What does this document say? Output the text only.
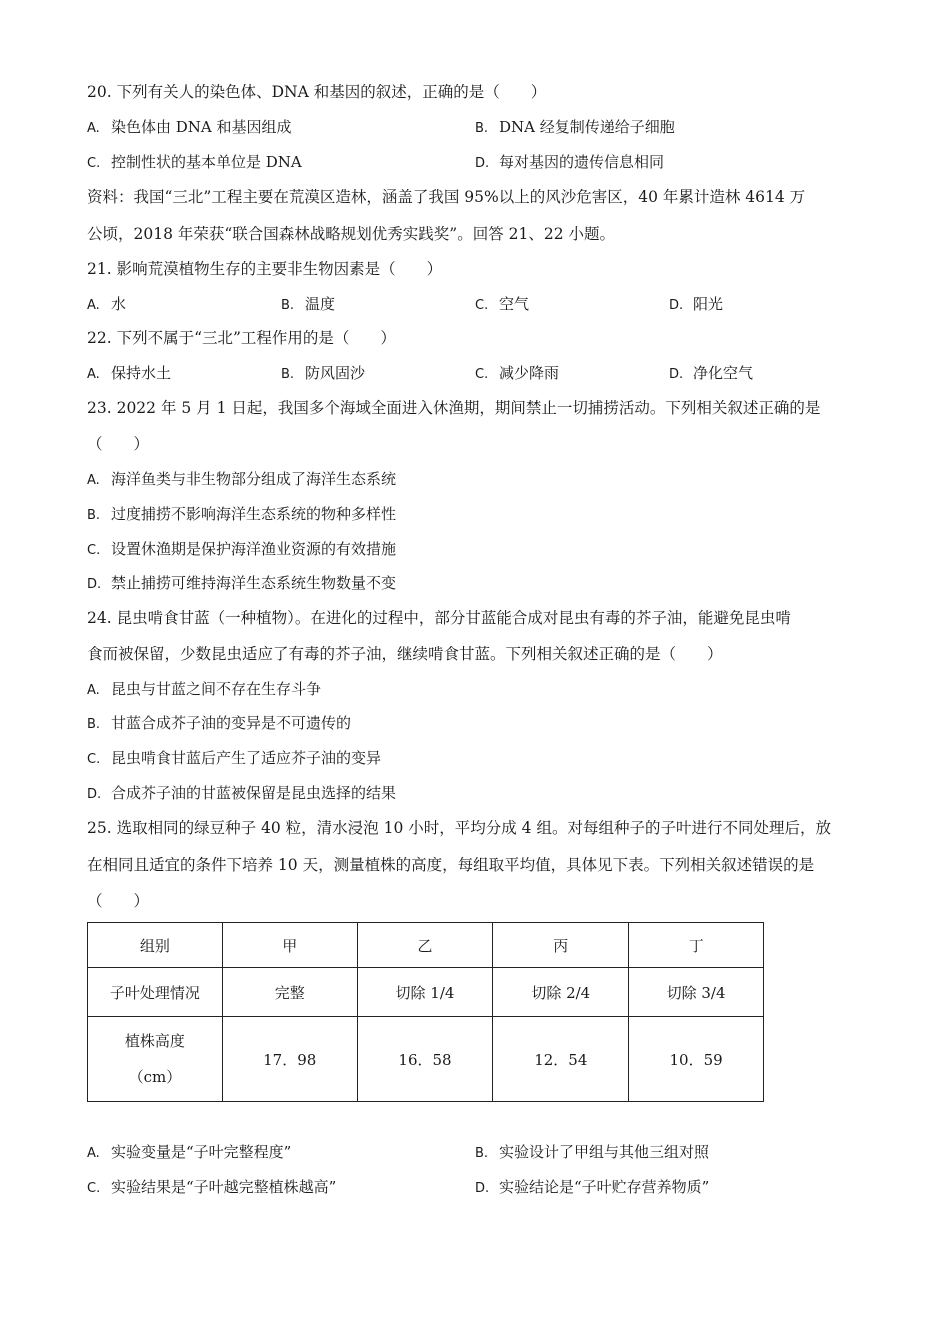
20. 下列有关人的染色体、DNA 和基因的叙述，正确的是（　　）
A. 染色体由 DNA 和基因组成	B. DNA 经复制传递给子细胞
C. 控制性状的基本单位是 DNA	D. 每对基因的遗传信息相同
资料：我国“三北”工程主要在荒漠区造林，涵盖了我国 95%以上的风沙危害区，40 年累计造林 4614 万
公顷，2018 年荣获“联合国森林战略规划优秀实践奖”。回答 21、22 小题。
21. 影响荒漠植物生存的主要非生物因素是（　　）
A. 水	B. 温度	C. 空气	D. 阳光
22. 下列不属于“三北”工程作用的是（　　）
A. 保持水土	B. 防风固沙	C. 减少降雨	D. 净化空气
23. 2022 年 5 月 1 日起，我国多个海域全面进入休渔期，期间禁止一切捕捞活动。下列相关叙述正确的是
（　　）
A. 海洋鱼类与非生物部分组成了海洋生态系统
B. 过度捕捞不影响海洋生态系统的物种多样性
C. 设置休渔期是保护海洋渔业资源的有效措施
D. 禁止捕捞可维持海洋生态系统生物数量不变
24. 昆虫啃食甘蓝（一种植物）。在进化的过程中，部分甘蓝能合成对昆虫有毒的芥子油，能避免昆虫啃
食而被保留，少数昆虫适应了有毒的芥子油，继续啃食甘蓝。下列相关叙述正确的是（　　）
A. 昆虫与甘蓝之间不存在生存斗争
B. 甘蓝合成芥子油的变异是不可遗传的
C. 昆虫啃食甘蓝后产生了适应芥子油的变异
D. 合成芥子油的甘蓝被保留是昆虫选择的结果
25. 选取相同的绿豆种子 40 粒，清水浸泡 10 小时，平均分成 4 组。对每组种子的子叶进行不同处理后，放
在相同且适宜的条件下培养 10 天，测量植株的高度，每组取平均值，具体见下表。下列相关叙述错误的是
（　　）
组别	甲	乙	丙	丁
子叶处理情况	完整	切除 1/4	切除 2/4	切除 3/4

植株高度
（cm）	17．98	16．58	12．54	10．59
A. 实验变量是“子叶完整程度”	B. 实验设计了甲组与其他三组对照
C. 实验结果是“子叶越完整植株越高”	D. 实验结论是“子叶贮存营养物质”
